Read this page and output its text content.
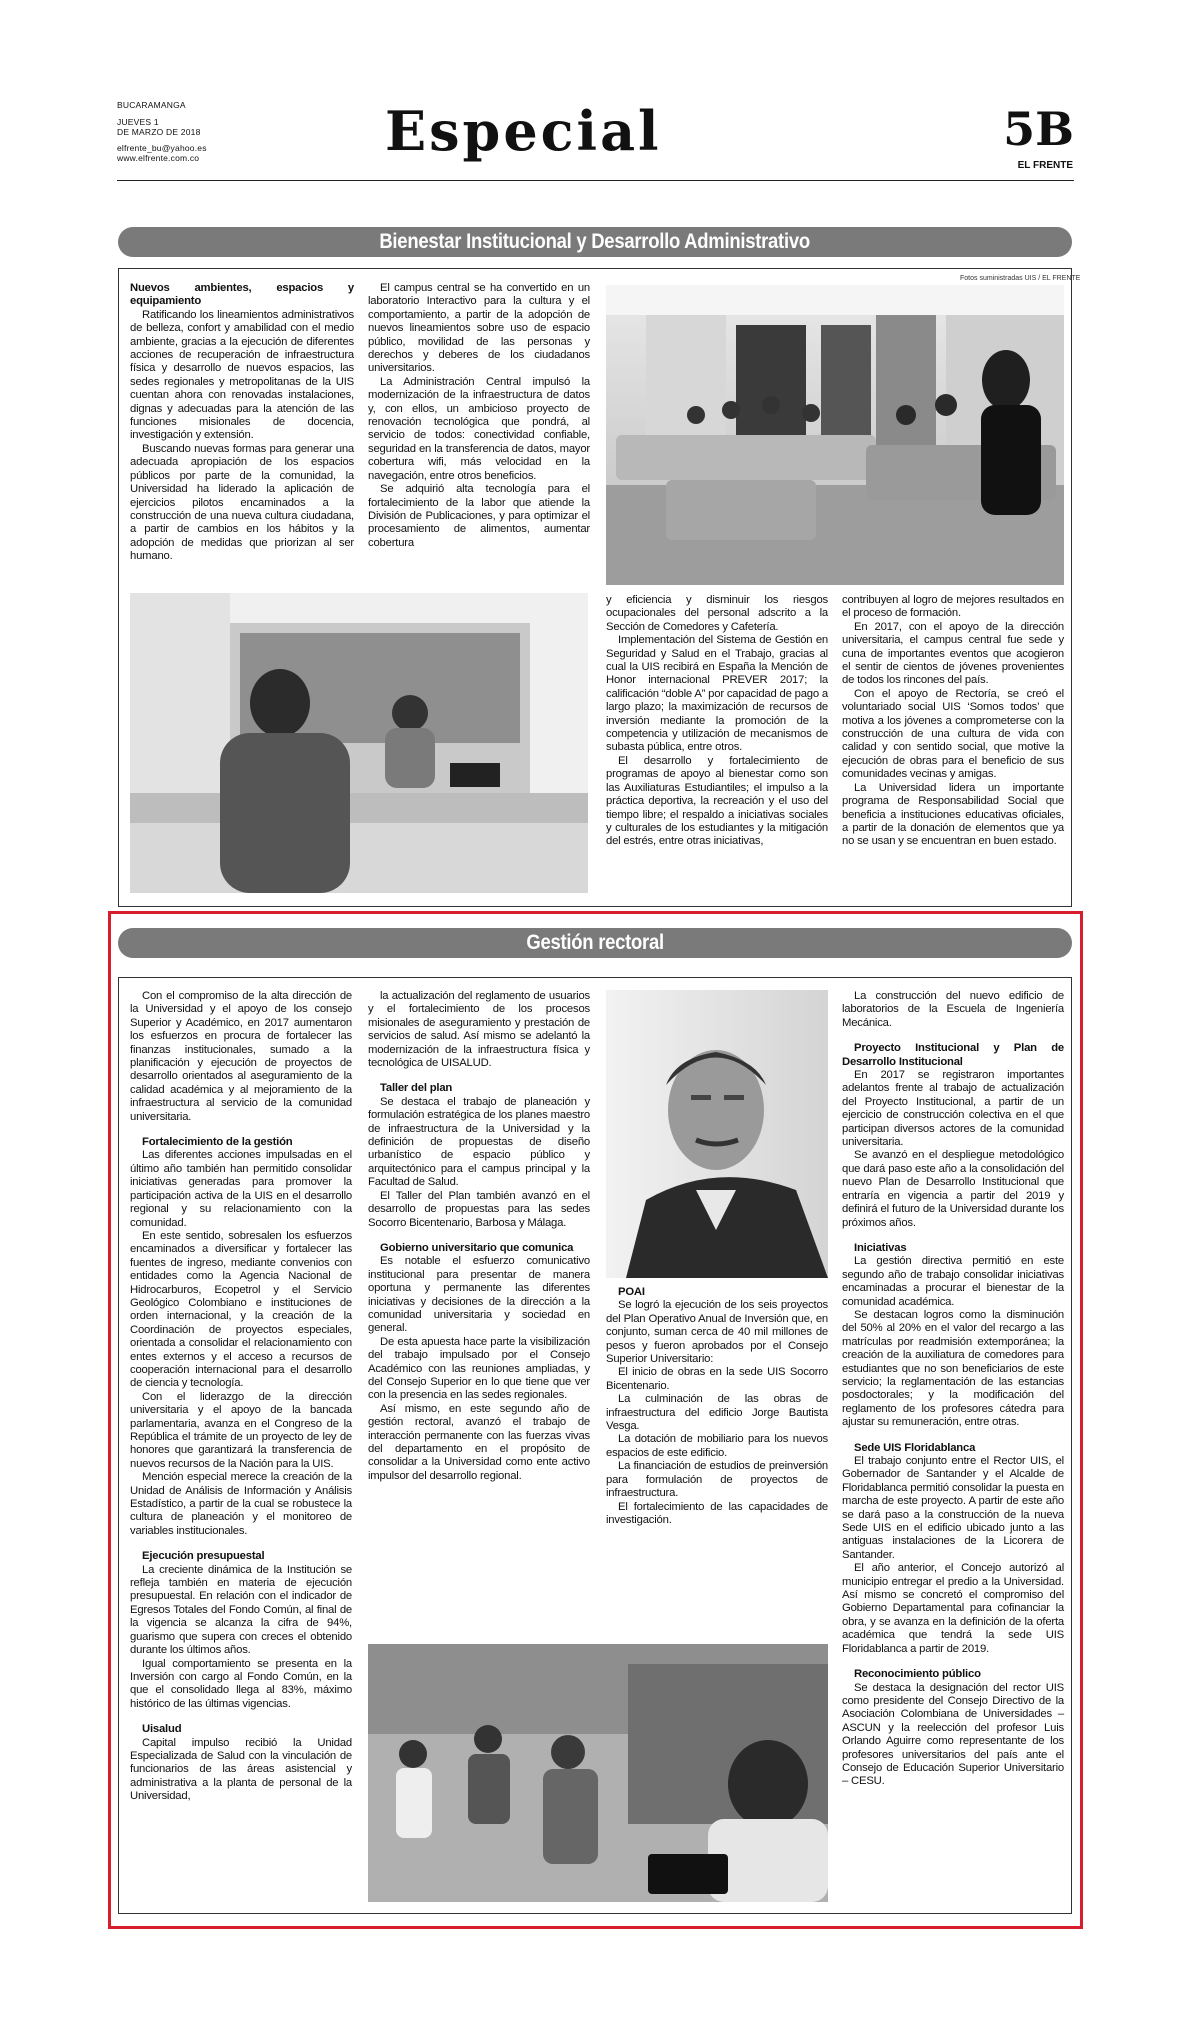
BUCARAMANGA
JUEVES 1
DE MARZO DE 2018
elfrente_bu@yahoo.es
www.elfrente.com.co	Especial	5B
EL FRENTE
Bienestar Institucional y Desarrollo Administrativo

Nuevos ambientes, espacios y equipamiento

Ratificando los lineamientos administrativos de belleza, confort y amabilidad con el medio ambiente, gracias a la ejecución de diferentes acciones de recuperación de infraestructura física y desarrollo de nuevos espacios, las sedes regionales y metropolitanas de la UIS cuentan ahora con renovadas instalaciones, dignas y adecuadas para la atención de las funciones misionales de docencia, investigación y extensión.

Buscando nuevas formas para generar una adecuada apropiación de los espacios públicos por parte de la comunidad, la Universidad ha liderado la aplicación de ejercicios pilotos encaminados a la construcción de una nueva cultura ciudadana, a partir de cambios en los hábitos y la adopción de medidas que priorizan al ser humano.

El campus central se ha convertido en un laboratorio Interactivo para la cultura y el comportamiento, a partir de la adopción de nuevos lineamientos sobre uso de espacio público, movilidad de las personas y derechos y deberes de los ciudadanos universitarios.

La Administración Central impulsó la modernización de la infraestructura de datos y, con ellos, un ambicioso proyecto de renovación tecnológica que pondrá, al servicio de todos: conectividad confiable, seguridad en la transferencia de datos, mayor cobertura wifi, más velocidad en la navegación, entre otros beneficios.

Se adquirió alta tecnología para el fortalecimiento de la labor que atiende la División de Publicaciones, y para optimizar el procesamiento de alimentos, aumentar cobertura

Fotos suministradas UIS / EL FRENTE

y eficiencia y disminuir los riesgos ocupacionales del personal adscrito a la Sección de Comedores y Cafetería.

Implementación del Sistema de Gestión en Seguridad y Salud en el Trabajo, gracias al cual la UIS recibirá en España la Mención de Honor internacional PREVER 2017; la calificación “doble A” por capacidad de pago a largo plazo; la maximización de recursos de inversión mediante la promoción de la competencia y utilización de mecanismos de subasta pública, entre otros.

El desarrollo y fortalecimiento de programas de apoyo al bienestar como son las Auxiliaturas Estudiantiles; el impulso a la práctica deportiva, la recreación y el uso del tiempo libre; el respaldo a iniciativas sociales y culturales de los estudiantes y la mitigación del estrés, entre otras iniciativas,

contribuyen al logro de mejores resultados en el proceso de formación.

En 2017, con el apoyo de la dirección universitaria, el campus central fue sede y cuna de importantes eventos que acogieron el sentir de cientos de jóvenes provenientes de todos los rincones del país.

Con el apoyo de Rectoría, se creó el voluntariado social UIS ‘Somos todos’ que motiva a los jóvenes a comprometerse con la construcción de una cultura de vida con calidad y con sentido social, que motive la ejecución de obras para el beneficio de sus comunidades vecinas y amigas.

La Universidad lidera un importante programa de Responsabilidad Social que beneficia a instituciones educativas oficiales, a partir de la donación de elementos que ya no se usan y se encuentran en buen estado.

Gestión rectoral

Con el compromiso de la alta dirección de la Universidad y el apoyo de los consejo Superior y Académico, en 2017 aumentaron los esfuerzos en procura de fortalecer las finanzas institucionales, sumado a la planificación y ejecución de proyectos de desarrollo orientados al aseguramiento de la calidad académica y al mejoramiento de la infraestructura al servicio de la comunidad universitaria.

Fortalecimiento de la gestión

Las diferentes acciones impulsadas en el último año también han permitido consolidar iniciativas generadas para promover la participación activa de la UIS en el desarrollo regional y su relacionamiento con la comunidad.

En este sentido, sobresalen los esfuerzos encaminados a diversificar y fortalecer las fuentes de ingreso, mediante convenios con entidades como la Agencia Nacional de Hidrocarburos, Ecopetrol y el Servicio Geológico Colombiano e instituciones de orden internacional, y la creación de la Coordinación de proyectos especiales, orientada a consolidar el relacionamiento con entes externos y el acceso a recursos de cooperación internacional para el desarrollo de ciencia y tecnología.

Con el liderazgo de la dirección universitaria y el apoyo de la bancada parlamentaria, avanza en el Congreso de la República el trámite de un proyecto de ley de honores que garantizará la transferencia de nuevos recursos de la Nación para la UIS.

Mención especial merece la creación de la Unidad de Análisis de Información y Análisis Estadístico, a partir de la cual se robustece la cultura de planeación y el monitoreo de variables institucionales.

Ejecución presupuestal

La creciente dinámica de la Institución se refleja también en materia de ejecución presupuestal. En relación con el indicador de Egresos Totales del Fondo Común, al final de la vigencia se alcanza la cifra de 94%, guarismo que supera con creces el obtenido durante los últimos años.

Igual comportamiento se presenta en la Inversión con cargo al Fondo Común, en la que el consolidado llega al 83%, máximo histórico de las últimas vigencias.

Uisalud

Capital impulso recibió la Unidad Especializada de Salud con la vinculación de funcionarios de las áreas asistencial y administrativa a la planta de personal de la Universidad,

la actualización del reglamento de usuarios y el fortalecimiento de los procesos misionales de aseguramiento y prestación de servicios de salud. Así mismo se adelantó la modernización de la infraestructura física y tecnológica de UISALUD.

Taller del plan

Se destaca el trabajo de planeación y formulación estratégica de los planes maestro de infraestructura de la Universidad y la definición de propuestas de diseño urbanístico de espacio público y arquitectónico para el campus principal y la Facultad de Salud.

El Taller del Plan también avanzó en el desarrollo de propuestas para las sedes Socorro Bicentenario, Barbosa y Málaga.

Gobierno universitario que comunica

Es notable el esfuerzo comunicativo institucional para presentar de manera oportuna y permanente las diferentes iniciativas y decisiones de la dirección a la comunidad universitaria y sociedad en general.

De esta apuesta hace parte la visibilización del trabajo impulsado por el Consejo Académico con las reuniones ampliadas, y del Consejo Superior en lo que tiene que ver con la presencia en las sedes regionales.

Así mismo, en este segundo año de gestión rectoral, avanzó el trabajo de interacción permanente con las fuerzas vivas del departamento en el propósito de consolidar a la Universidad como ente activo impulsor del desarrollo regional.

POAI

Se logró la ejecución de los seis proyectos del Plan Operativo Anual de Inversión que, en conjunto, suman cerca de 40 mil millones de pesos y fueron aprobados por el Consejo Superior Universitario:

El inicio de obras en la sede UIS Socorro Bicentenario.

La culminación de las obras de infraestructura del edificio Jorge Bautista Vesga.

La dotación de mobiliario para los nuevos espacios de este edificio.

La financiación de estudios de preinversión para formulación de proyectos de infraestructura.

El fortalecimiento de las capacidades de investigación.

La construcción del nuevo edificio de laboratorios de la Escuela de Ingeniería Mecánica.

Proyecto Institucional y Plan de Desarrollo Institucional

En 2017 se registraron importantes adelantos frente al trabajo de actualización del Proyecto Institucional, a partir de un ejercicio de construcción colectiva en el que participan diversos actores de la comunidad universitaria.

Se avanzó en el despliegue metodológico que dará paso este año a la consolidación del nuevo Plan de Desarrollo Institucional que entraría en vigencia a partir del 2019 y definirá el futuro de la Universidad durante los próximos años.

Iniciativas

La gestión directiva permitió en este segundo año de trabajo consolidar iniciativas encaminadas a procurar el bienestar de la comunidad académica.

Se destacan logros como la disminución del 50% al 20% en el valor del recargo a las matrículas por readmisión extemporánea; la creación de la auxiliatura de comedores para estudiantes que no son beneficiarios de este servicio; la reglamentación de las estancias posdoctorales; y la modificación del reglamento de los profesores cátedra para ajustar su remuneración, entre otras.

Sede UIS Floridablanca

El trabajo conjunto entre el Rector UIS, el Gobernador de Santander y el Alcalde de Floridablanca permitió consolidar la puesta en marcha de este proyecto. A partir de este año se dará paso a la construcción de la nueva Sede UIS en el edificio ubicado junto a las antiguas instalaciones de la Licorera de Santander.

El año anterior, el Concejo autorizó al municipio entregar el predio a la Universidad. Así mismo se concretó el compromiso del Gobierno Departamental para cofinanciar la obra, y se avanza en la definición de la oferta académica que tendrá la sede UIS Floridablanca a partir de 2019.

Reconocimiento público

Se destaca la designación del rector UIS como presidente del Consejo Directivo de la Asociación Colombiana de Universidades – ASCUN y la reelección del profesor Luis Orlando Aguirre como representante de los profesores universitarios del país ante el Consejo de Educación Superior Universitario – CESU.
